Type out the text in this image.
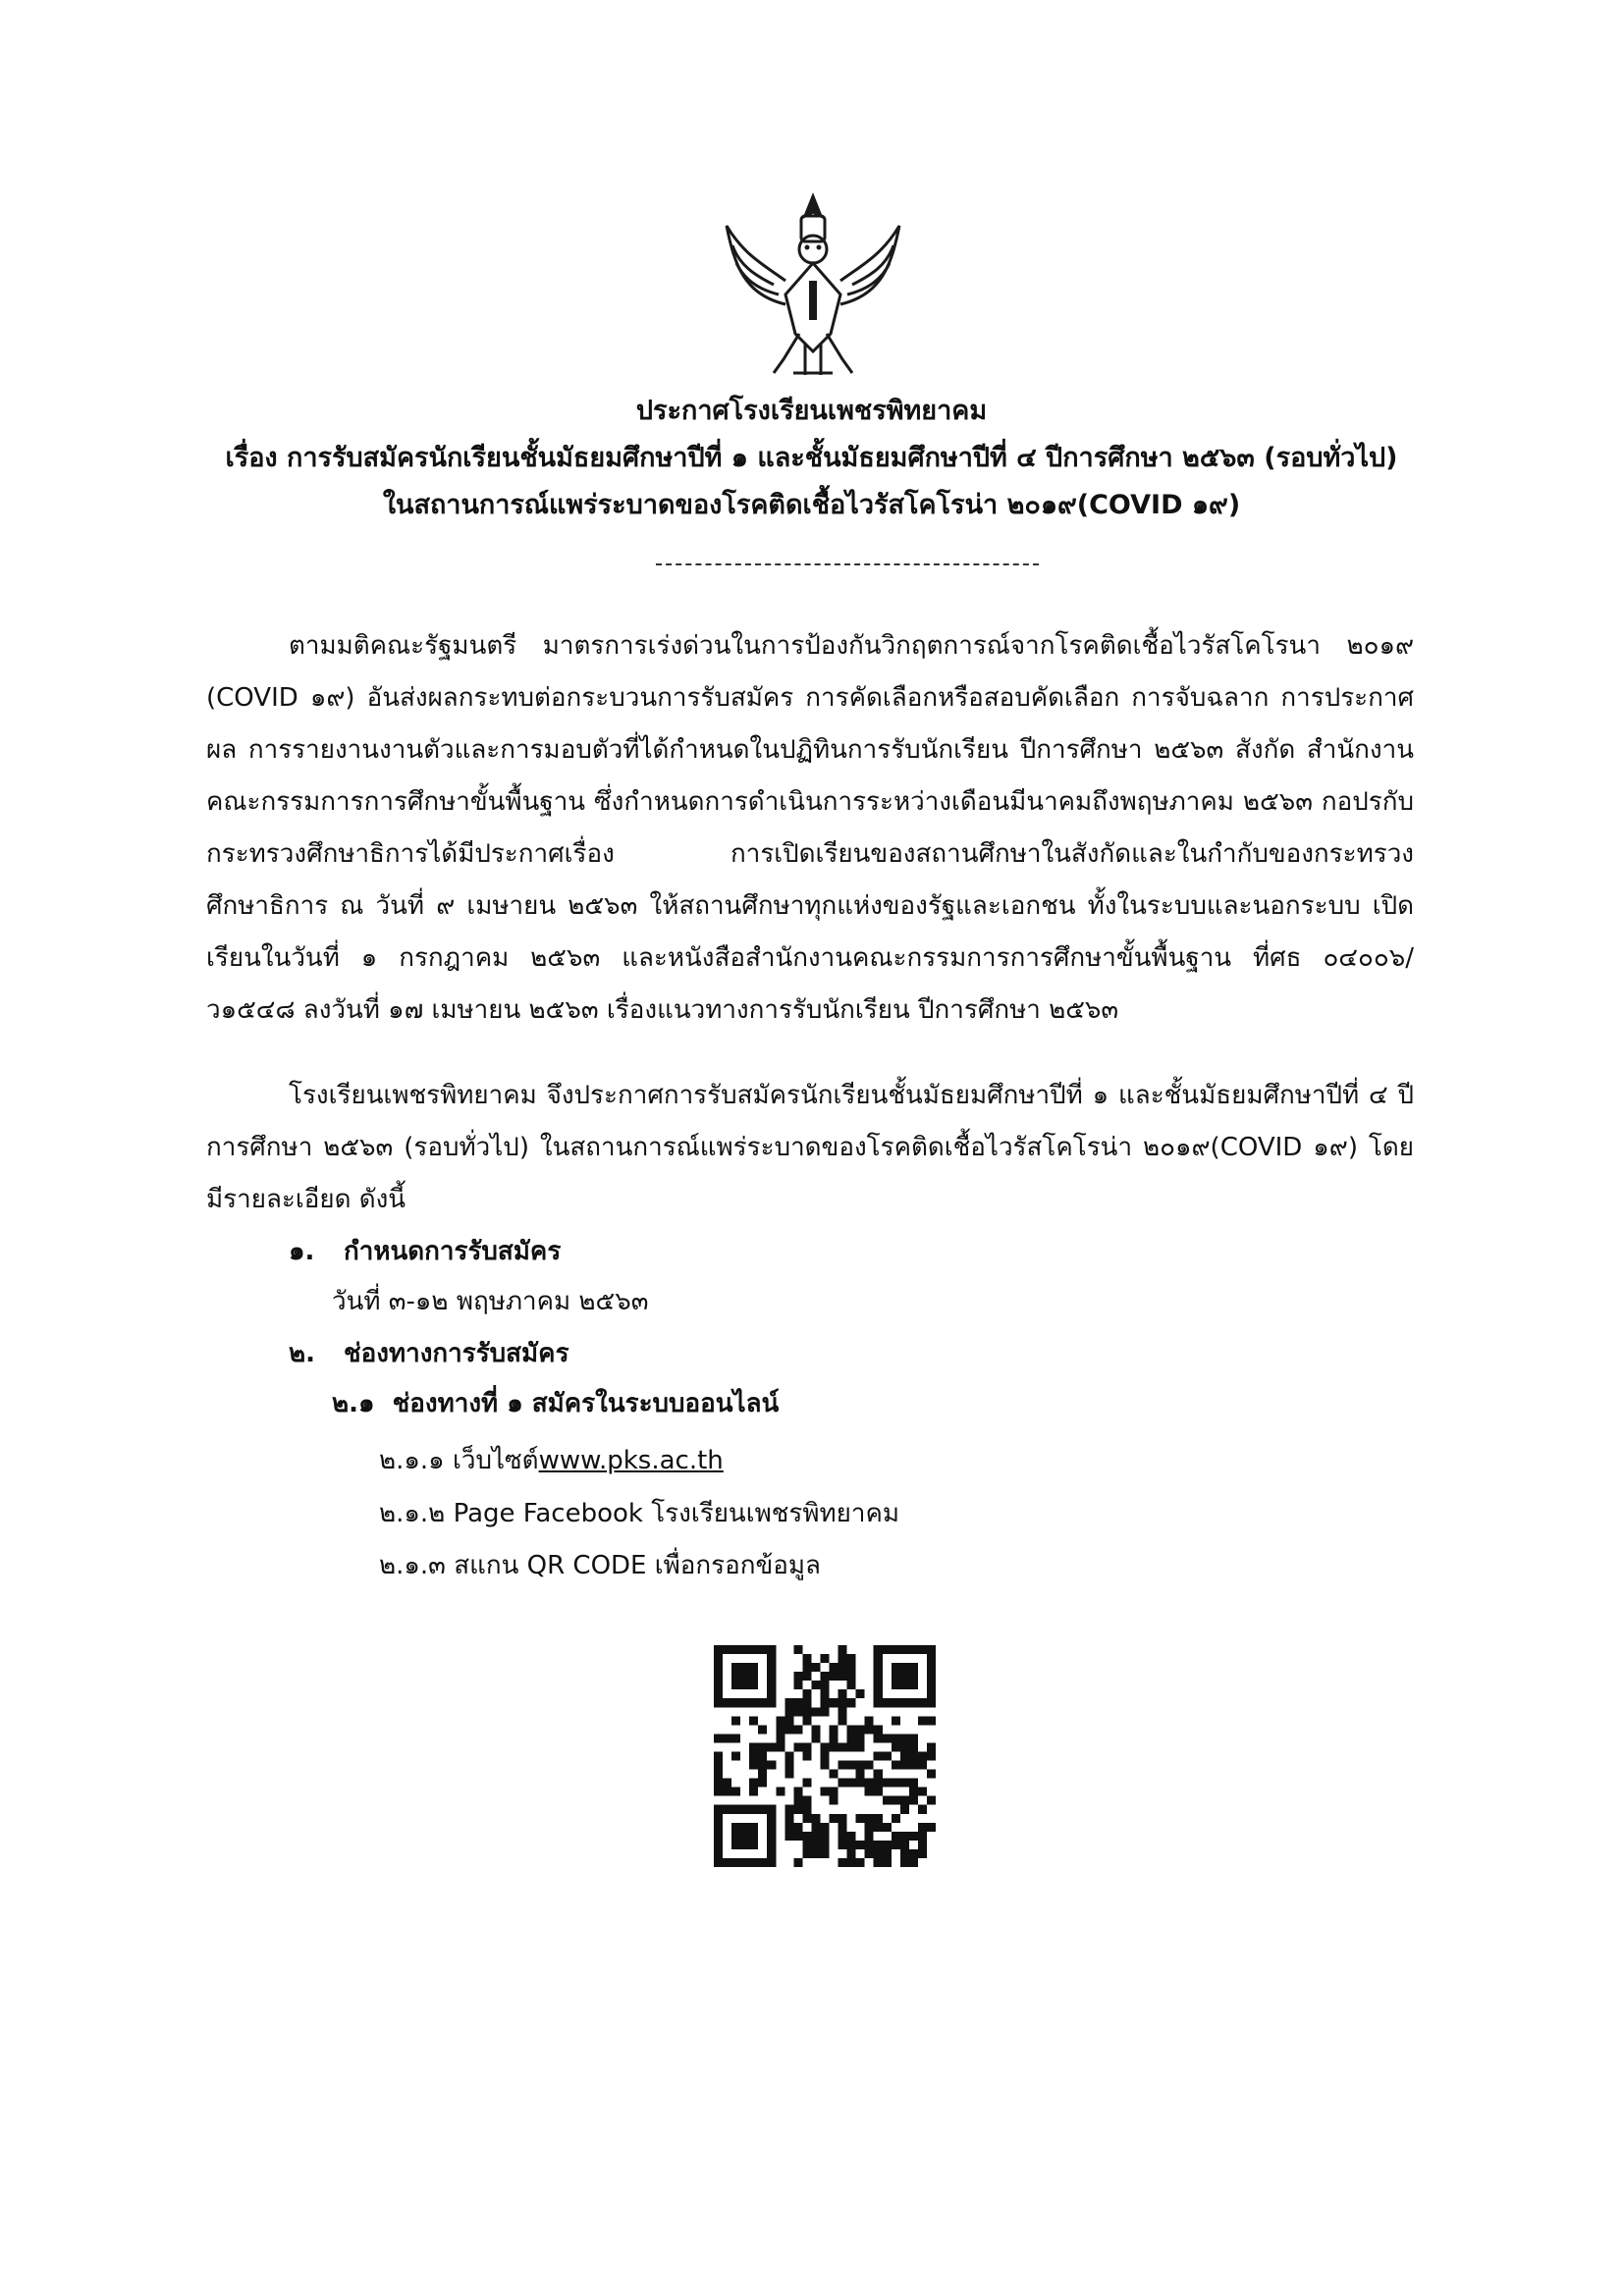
ประกาศโรงเรียนเพชรพิทยาคม
เรื่อง การรับสมัครนักเรียนชั้นมัธยมศึกษาปีที่ ๑ และชั้นมัธยมศึกษาปีที่ ๔ ปีการศึกษา ๒๕๖๓ (รอบทั่วไป)
ในสถานการณ์แพร่ระบาดของโรคติดเชื้อไวรัสโคโรน่า ๒๐๑๙(COVID ๑๙)
ตามมติคณะรัฐมนตรี มาตรการเร่งด่วนในการป้องกันวิกฤตการณ์จากโรคติดเชื้อไวรัสโคโรนา ๒๐๑๙ (COVID ๑๙) อันส่งผลกระทบต่อกระบวนการรับสมัคร การคัดเลือกหรือสอบคัดเลือก การจับฉลาก การประกาศผล การรายงานงานตัวและการมอบตัวที่ได้กำหนดในปฏิทินการรับนักเรียน ปีการศึกษา ๒๕๖๓ สังกัด สำนักงานคณะกรรมการการศึกษาขั้นพื้นฐาน ซึ่งกำหนดการดำเนินการระหว่างเดือนมีนาคมถึงพฤษภาคม ๒๕๖๓ กอปรกับกระทรวงศึกษาธิการได้มีประกาศเรื่อง การเปิดเรียนของสถานศึกษาในสังกัดและในกำกับของกระทรวงศึกษาธิการ ณ วันที่ ๙ เมษายน ๒๕๖๓ ให้สถานศึกษาทุกแห่งของรัฐและเอกชน ทั้งในระบบและนอกระบบ เปิดเรียนในวันที่ ๑ กรกฎาคม ๒๕๖๓ และหนังสือสำนักงานคณะกรรมการการศึกษาขั้นพื้นฐาน ที่ศธ ๐๔๐๐๖/ว๑๕๔๘ ลงวันที่ ๑๗ เมษายน ๒๕๖๓ เรื่องแนวทางการรับนักเรียน ปีการศึกษา ๒๕๖๓
โรงเรียนเพชรพิทยาคม จึงประกาศการรับสมัครนักเรียนชั้นมัธยมศึกษาปีที่ ๑ และชั้นมัธยมศึกษาปีที่ ๔ ปีการศึกษา ๒๕๖๓ (รอบทั่วไป) ในสถานการณ์แพร่ระบาดของโรคติดเชื้อไวรัสโคโรน่า ๒๐๑๙(COVID ๑๙) โดยมีรายละเอียด ดังนี้
๑. กำหนดการรับสมัคร
วันที่ ๓-๑๒ พฤษภาคม ๒๕๖๓
๒. ช่องทางการรับสมัคร
๒.๑ ช่องทางที่ ๑ สมัครในระบบออนไลน์
๒.๑.๑ เว็บไซต์www.pks.ac.th
๒.๑.๒ Page Facebook โรงเรียนเพชรพิทยาคม
๒.๑.๓ สแกน QR CODE เพื่อกรอกข้อมูล
